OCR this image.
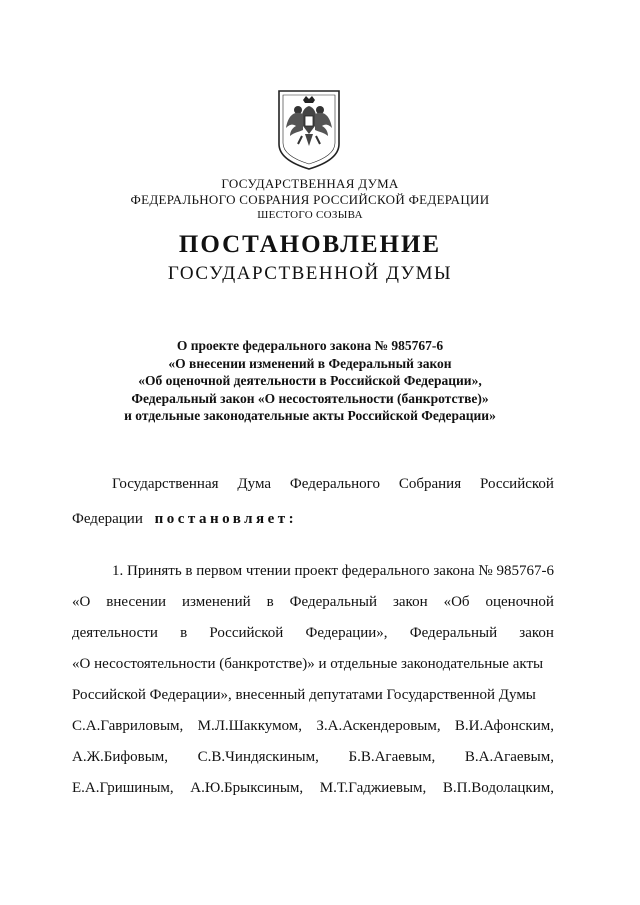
ГОСУДАРСТВЕННАЯ ДУМА
ФЕДЕРАЛЬНОГО СОБРАНИЯ РОССИЙСКОЙ ФЕДЕРАЦИИ
ШЕСТОГО СОЗЫВА
ПОСТАНОВЛЕНИЕ
ГОСУДАРСТВЕННОЙ ДУМЫ
О проекте федерального закона № 985767-6
«О внесении изменений в Федеральный закон
«Об оценочной деятельности в Российской Федерации»,
Федеральный закон «О несостоятельности (банкротстве)»
и отдельные законодательные акты Российской Федерации»
Государственная Дума Федерального Собрания Российской
Федерации постановляет:
1. Принять в первом чтении проект федерального закона № 985767-6
«О внесении изменений в Федеральный закон «Об оценочной
деятельности в Российской Федерации», Федеральный закон
«О несостоятельности (банкротстве)» и отдельные законодательные акты
Российской Федерации», внесенный депутатами Государственной Думы
С.А.Гавриловым, М.Л.Шаккумом, З.А.Аскендеровым, В.И.Афонским,
А.Ж.Бифовым, С.В.Чиндяскиным, Б.В.Агаевым, В.А.Агаевым,
Е.А.Гришиным, А.Ю.Брыксиным, М.Т.Гаджиевым, В.П.Водолацким,
